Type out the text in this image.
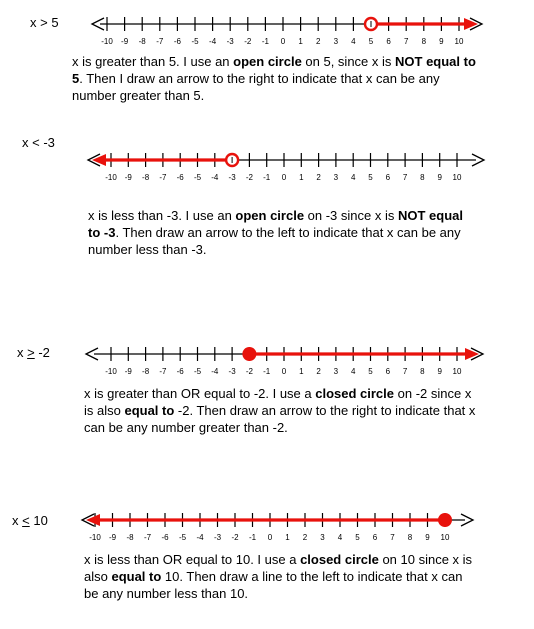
x > 5
-10 -9 -8 -7 -6 -5 -4 -3 -2 -1 0 1 2 3 4 5 6 7 8 9 10
x is greater than 5. I use an open circle on 5, since x is NOT equal to 5. Then I draw an arrow to the right to indicate that x can be any number greater than 5.
x < -3
-10 -9 -8 -7 -6 -5 -4 -3 -2 -1 0 1 2 3 4 5 6 7 8 9 10
x is less than -3. I use an open circle on -3 since x is NOT equal to -3. Then draw an arrow to the left to indicate that x can be any number less than -3.
x > -2
-10 -9 -8 -7 -6 -5 -4 -3 -2 -1 0 1 2 3 4 5 6 7 8 9 10
x is greater than OR equal to -2. I use a closed circle on -2 since x is also equal to -2. Then draw an arrow to the right to indicate that x can be any number greater than -2.
x < 10
-10 -9 -8 -7 -6 -5 -4 -3 -2 -1 0 1 2 3 4 5 6 7 8 9 10
x is less than OR equal to 10. I use a closed circle on 10 since x is also equal to 10. Then draw a line to the left to indicate that x can be any number less than 10.
